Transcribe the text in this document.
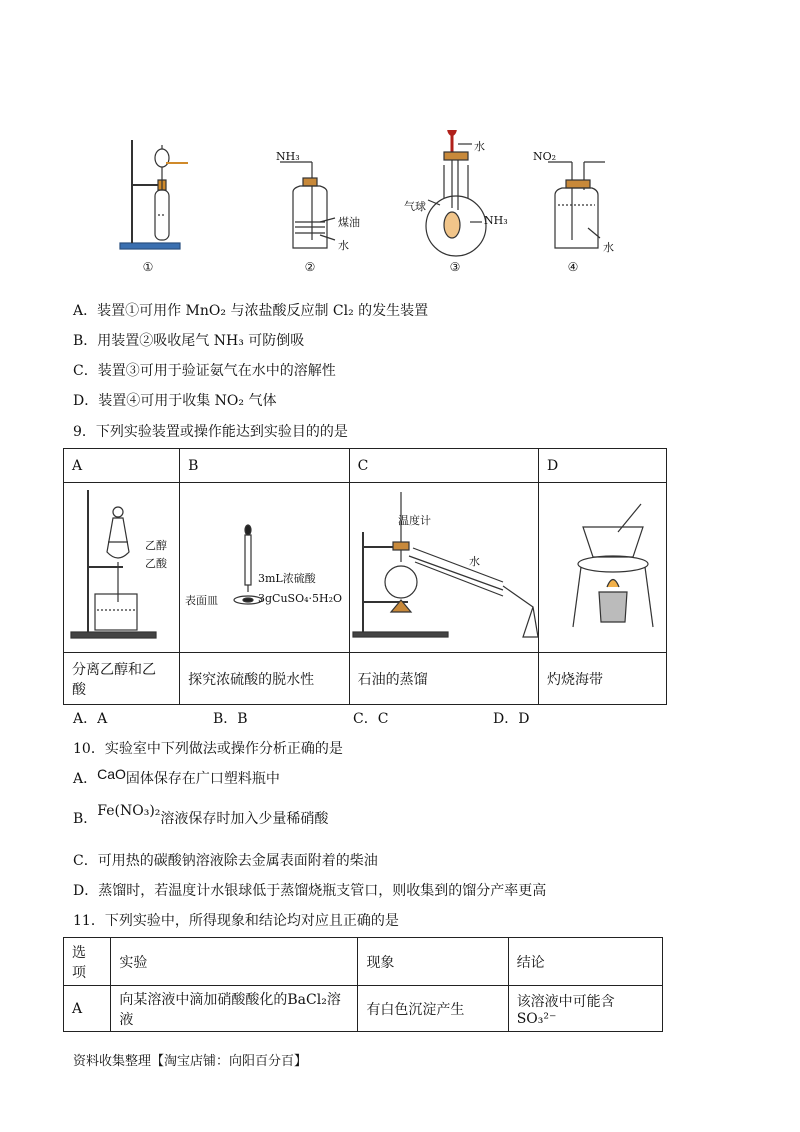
NH₃
煤油
水
水
气球
NH₃
NO₂
水
①	②	③	④
A．装置①可用作 MnO₂ 与浓盐酸反应制 Cl₂ 的发生装置
B．用装置②吸收尾气 NH₃ 可防倒吸
C．装置③可用于验证氨气在水中的溶解性
D．装置④可用于收集 NO₂ 气体
9．下列实验装置或操作能达到实验目的的是
A	B	C	D

分离乙醇和乙
酸	探究浓硫酸的脱水性	石油的蒸馏	灼烧海带
乙醇
乙酸
3mL浓硫酸
表面皿	3gCuSO₄·5H₂O
温度计
水
A．A	B．B	C．C	D．D
10．实验室中下列做法或操作分析正确的是
A．CaO固体保存在广口塑料瓶中
B．Fe(NO₃)₂溶液保存时加入少量稀硝酸
C．可用热的碳酸钠溶液除去金属表面附着的柴油
D．蒸馏时，若温度计水银球低于蒸馏烧瓶支管口，则收集到的馏分产率更高
11．下列实验中，所得现象和结论均对应且正确的是
选
项	实验	现象	结论
A	向某溶液中滴加硝酸酸化的BaCl₂溶液	有白色沉淀产生	该溶液中可能含 SO₃²⁻
资料收集整理【淘宝店铺：向阳百分百】
